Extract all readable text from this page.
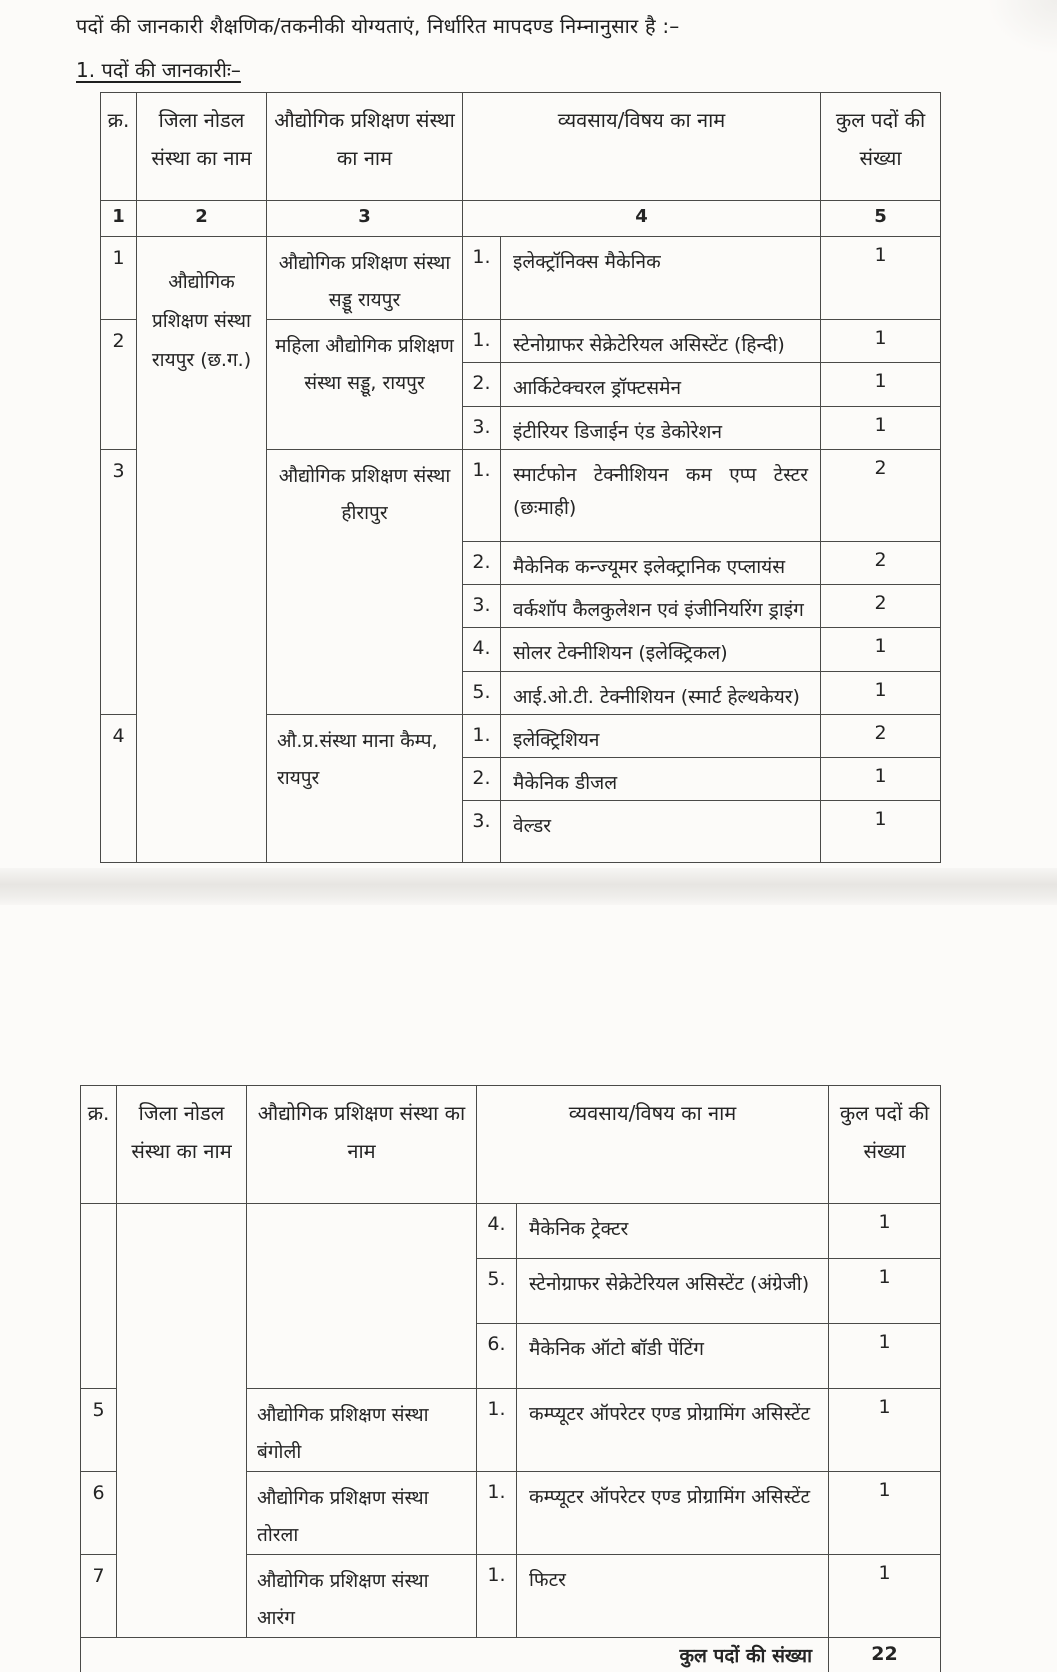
पदों की जानकारी शैक्षणिक/तकनीकी योग्यताएं, निर्धारित मापदण्ड निम्नानुसार है :–
1. पदों की जानकारीः–
क्र.	जिला नोडल संस्था का नाम	औद्योगिक प्रशिक्षण संस्था का नाम	व्यवसाय/विषय का नाम		कुल पदों की संख्या
1	2	3	4		5
1	औद्योगिक प्रशिक्षण संस्था रायपुर (छ.ग.)	औद्योगिक प्रशिक्षण संस्था सड्डू रायपुर	1.	इलेक्ट्रॉनिक्स मैकेनिक	1
2		महिला औद्योगिक प्रशिक्षण संस्था सड्डू, रायपुर	1.	स्टेनोग्राफर सेक्रेटेरियल असिस्टेंट (हिन्दी)	1
			2.	आर्किटेक्चरल ड्रॉफ्टसमेन	1
			3.	इंटीरियर डिजाईन एंड डेकोरेशन	1
3		औद्योगिक प्रशिक्षण संस्था हीरापुर	1.	स्मार्टफोन टेक्नीशियन कम एप्प टेस्टर (छःमाही)	2
			2.	मैकेनिक कन्ज्यूमर इलेक्ट्रानिक एप्लायंस	2
			3.	वर्कशॉप कैलकुलेशन एवं इंजीनियरिंग ड्राइंग	2
			4.	सोलर टेक्नीशियन (इलेक्ट्रिकल)	1
			5.	आई.ओ.टी. टेक्नीशियन (स्मार्ट हेल्थकेयर)	1
4		औ.प्र.संस्था माना कैम्प, रायपुर	1.	इलेक्ट्रिशियन	2
			2.	मैकेनिक डीजल	1
			3.	वेल्डर	1
क्र.	जिला नोडल संस्था का नाम	औद्योगिक प्रशिक्षण संस्था का नाम	व्यवसाय/विषय का नाम		कुल पदों की संख्या
			4.	मैकेनिक ट्रेक्टर	1
			5.	स्टेनोग्राफर सेक्रेटेरियल असिस्टेंट (अंग्रेजी)	1
			6.	मैकेनिक ऑटो बॉडी पेंटिंग	1
5		औद्योगिक प्रशिक्षण संस्था बंगोली	1.	कम्प्यूटर ऑपरेटर एण्ड प्रोग्रामिंग असिस्टेंट	1
6		औद्योगिक प्रशिक्षण संस्था तोरला	1.	कम्प्यूटर ऑपरेटर एण्ड प्रोग्रामिंग असिस्टेंट	1
7		औद्योगिक प्रशिक्षण संस्था आरंग	1.	फिटर	1
कुल पदों की संख्या					22
